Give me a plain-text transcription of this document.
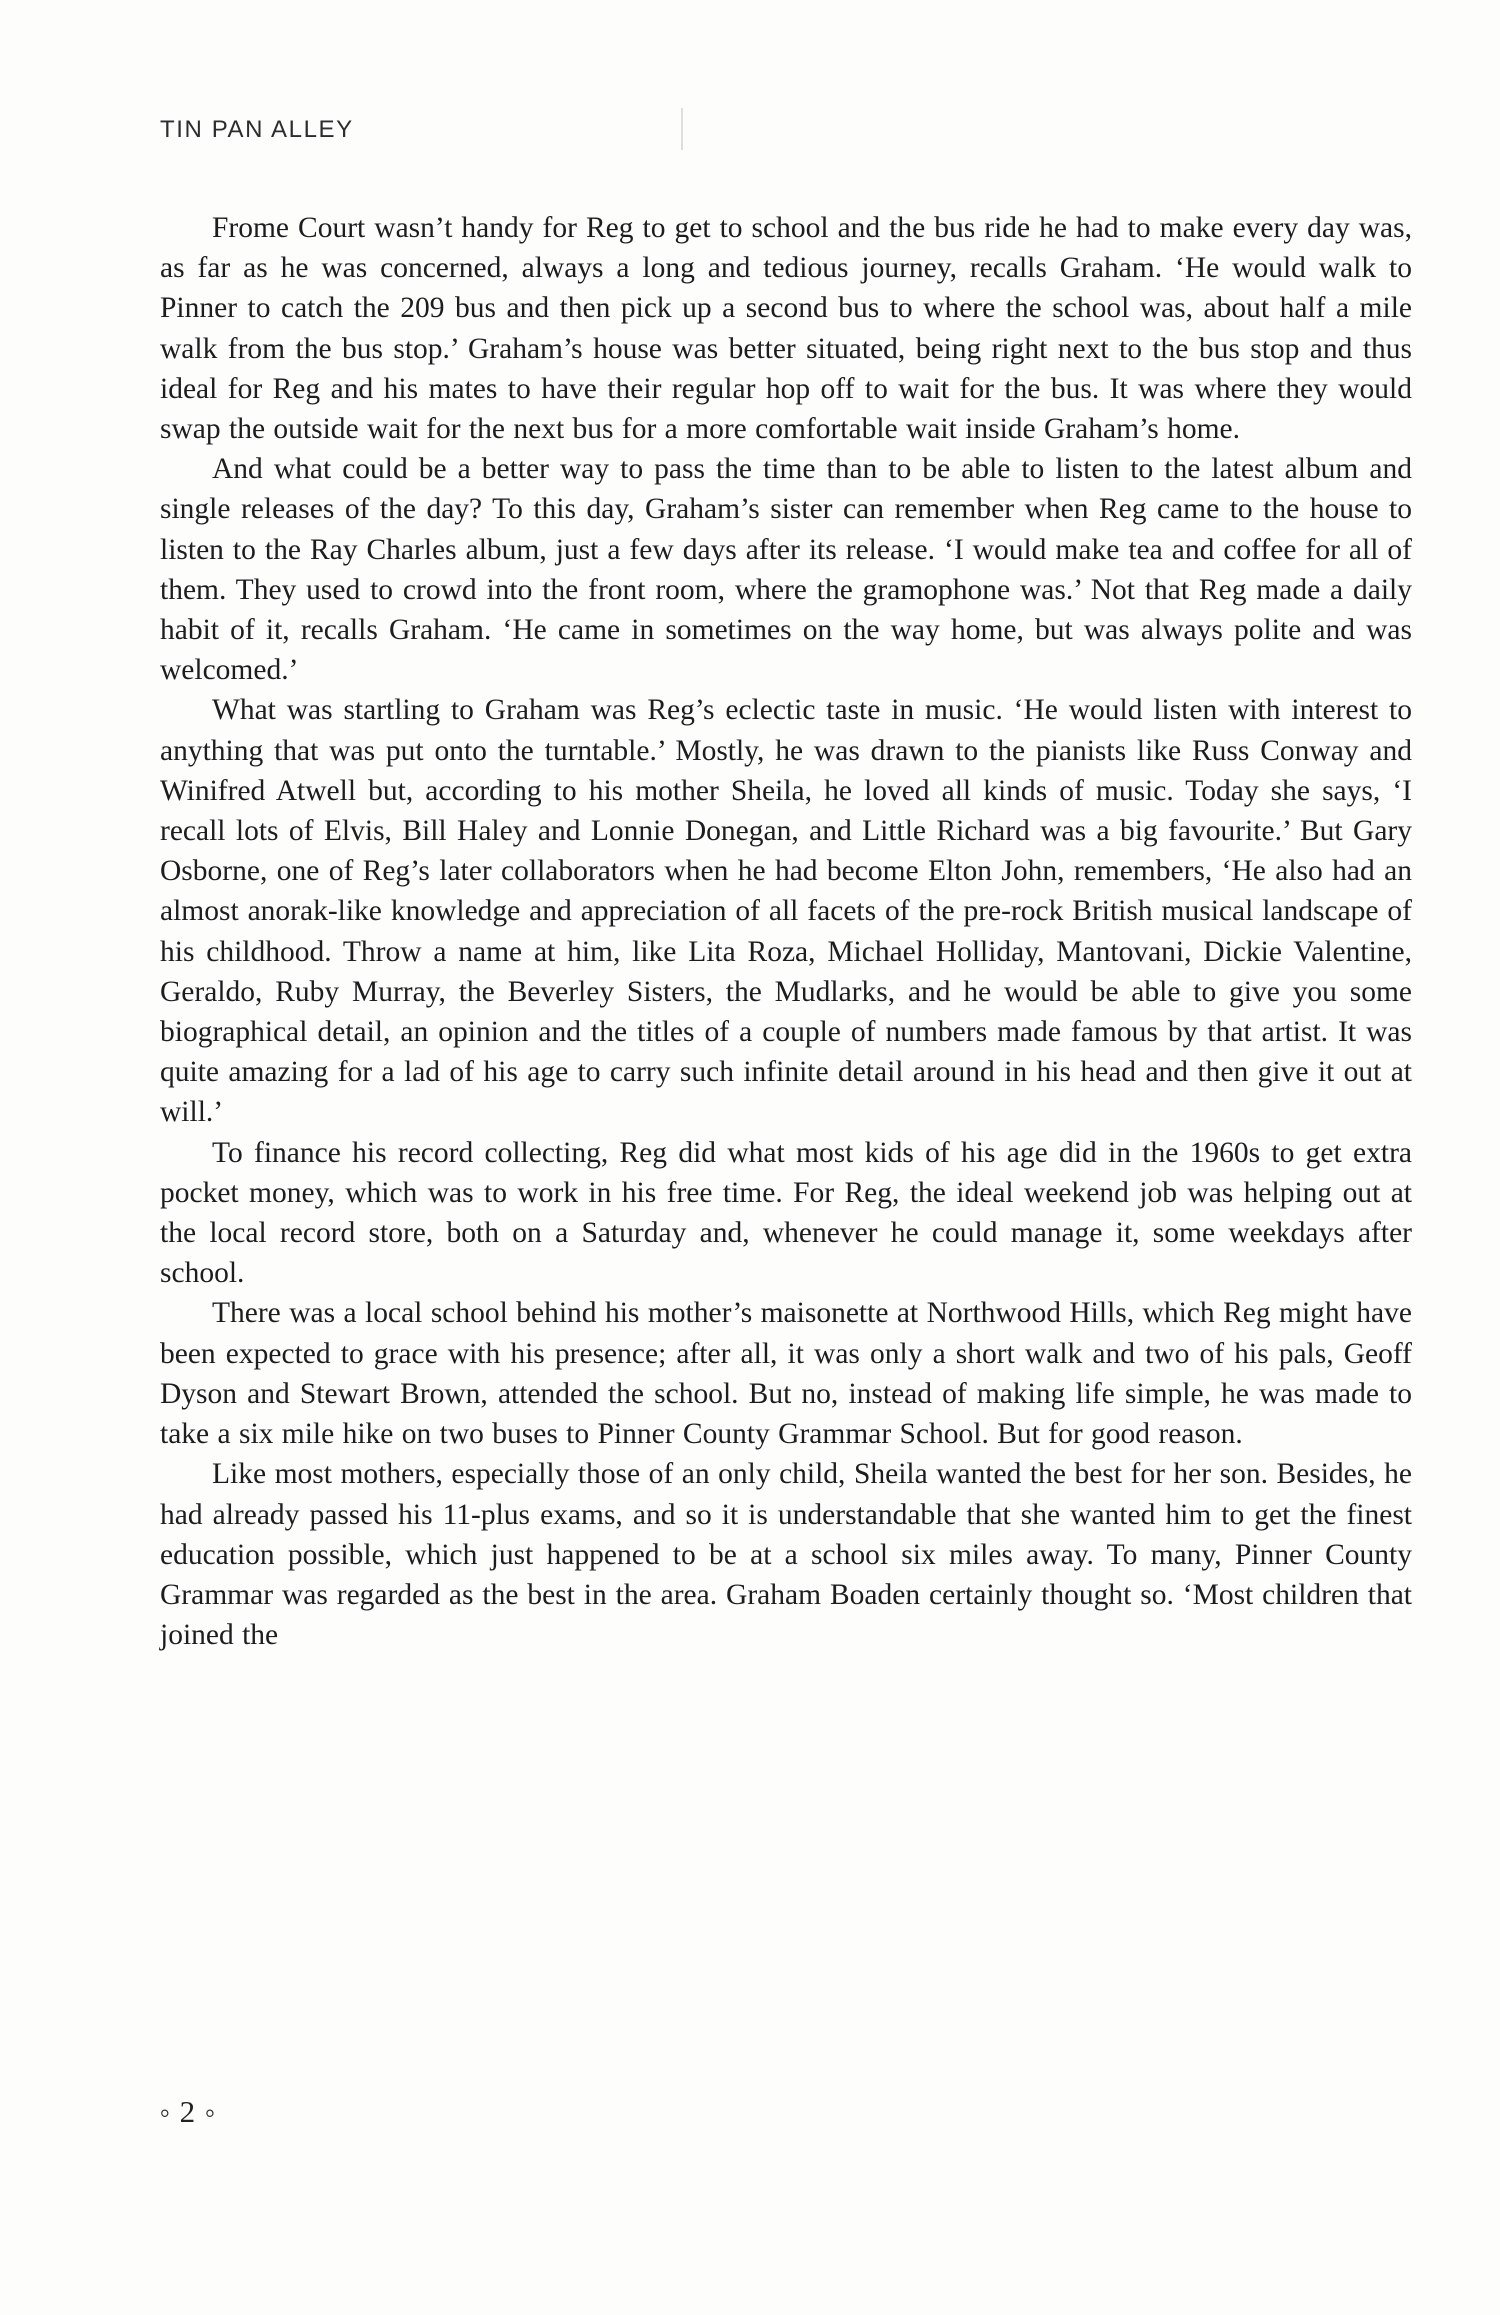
TIN PAN ALLEY

Frome Court wasn’t handy for Reg to get to school and the bus ride he had to make every day was, as far as he was concerned, always a long and tedious journey, recalls Graham. ‘He would walk to Pinner to catch the 209 bus and then pick up a second bus to where the school was, about half a mile walk from the bus stop.’ Graham’s house was better situated, being right next to the bus stop and thus ideal for Reg and his mates to have their regular hop off to wait for the bus. It was where they would swap the outside wait for the next bus for a more comfortable wait inside Graham’s home.

And what could be a better way to pass the time than to be able to listen to the latest album and single releases of the day? To this day, Graham’s sister can remember when Reg came to the house to listen to the Ray Charles album, just a few days after its release. ‘I would make tea and coffee for all of them. They used to crowd into the front room, where the gramophone was.’ Not that Reg made a daily habit of it, recalls Graham. ‘He came in sometimes on the way home, but was always polite and was welcomed.’

What was startling to Graham was Reg’s eclectic taste in music. ‘He would listen with interest to anything that was put onto the turntable.’ Mostly, he was drawn to the pianists like Russ Conway and Winifred Atwell but, according to his mother Sheila, he loved all kinds of music. Today she says, ‘I recall lots of Elvis, Bill Haley and Lonnie Donegan, and Little Richard was a big favourite.’ But Gary Osborne, one of Reg’s later collaborators when he had become Elton John, remembers, ‘He also had an almost anorak-like knowledge and appreciation of all facets of the pre-rock British musical landscape of his childhood. Throw a name at him, like Lita Roza, Michael Holliday, Mantovani, Dickie Valentine, Geraldo, Ruby Murray, the Beverley Sisters, the Mudlarks, and he would be able to give you some biographical detail, an opinion and the titles of a couple of numbers made famous by that artist. It was quite amazing for a lad of his age to carry such infinite detail around in his head and then give it out at will.’

To finance his record collecting, Reg did what most kids of his age did in the 1960s to get extra pocket money, which was to work in his free time. For Reg, the ideal weekend job was helping out at the local record store, both on a Saturday and, whenever he could manage it, some weekdays after school.

There was a local school behind his mother’s maisonette at Northwood Hills, which Reg might have been expected to grace with his presence; after all, it was only a short walk and two of his pals, Geoff Dyson and Stewart Brown, attended the school. But no, instead of making life simple, he was made to take a six mile hike on two buses to Pinner County Grammar School. But for good reason.

Like most mothers, especially those of an only child, Sheila wanted the best for her son. Besides, he had already passed his 11-plus exams, and so it is understandable that she wanted him to get the finest education possible, which just happened to be at a school six miles away. To many, Pinner County Grammar was regarded as the best in the area. Graham Boaden certainly thought so. ‘Most children that joined the

° 2 °
